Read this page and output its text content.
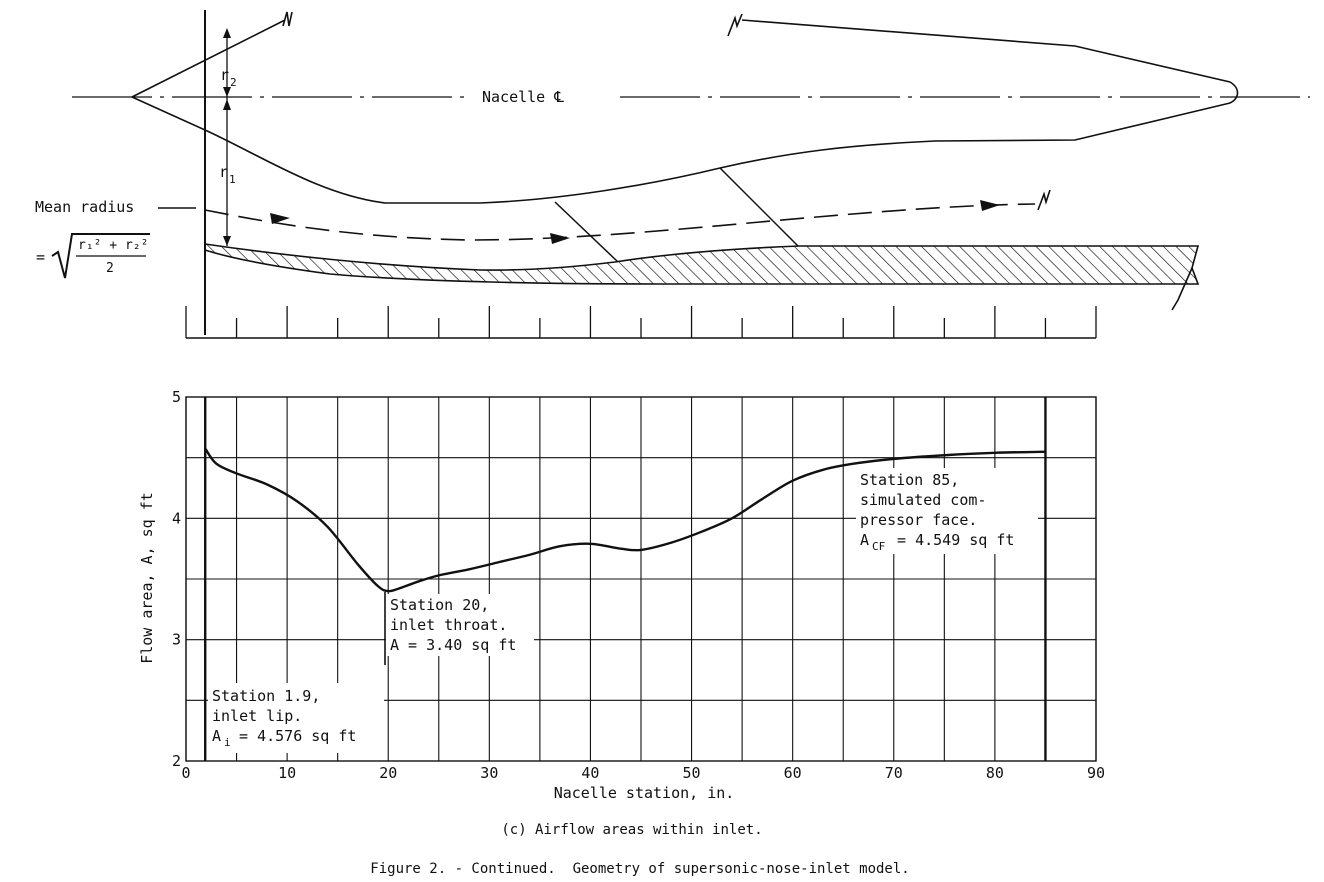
Nacelle ℄
r 2
r 1
Mean radius
=
r₁² + r₂²
2
0	10	20	30	40	50	60	70	80	90
2
3
4
5
Nacelle station, in.
Flow area, A, sq ft
Station 1.9,
inlet lip.
A i = 4.576 sq ft
Station 20,
inlet throat.
A = 3.40 sq ft
Station 85,
simulated com-
pressor face.
A CF = 4.549 sq ft
(c) Airflow areas within inlet.
Figure 2. - Continued.  Geometry of supersonic-nose-inlet model.
